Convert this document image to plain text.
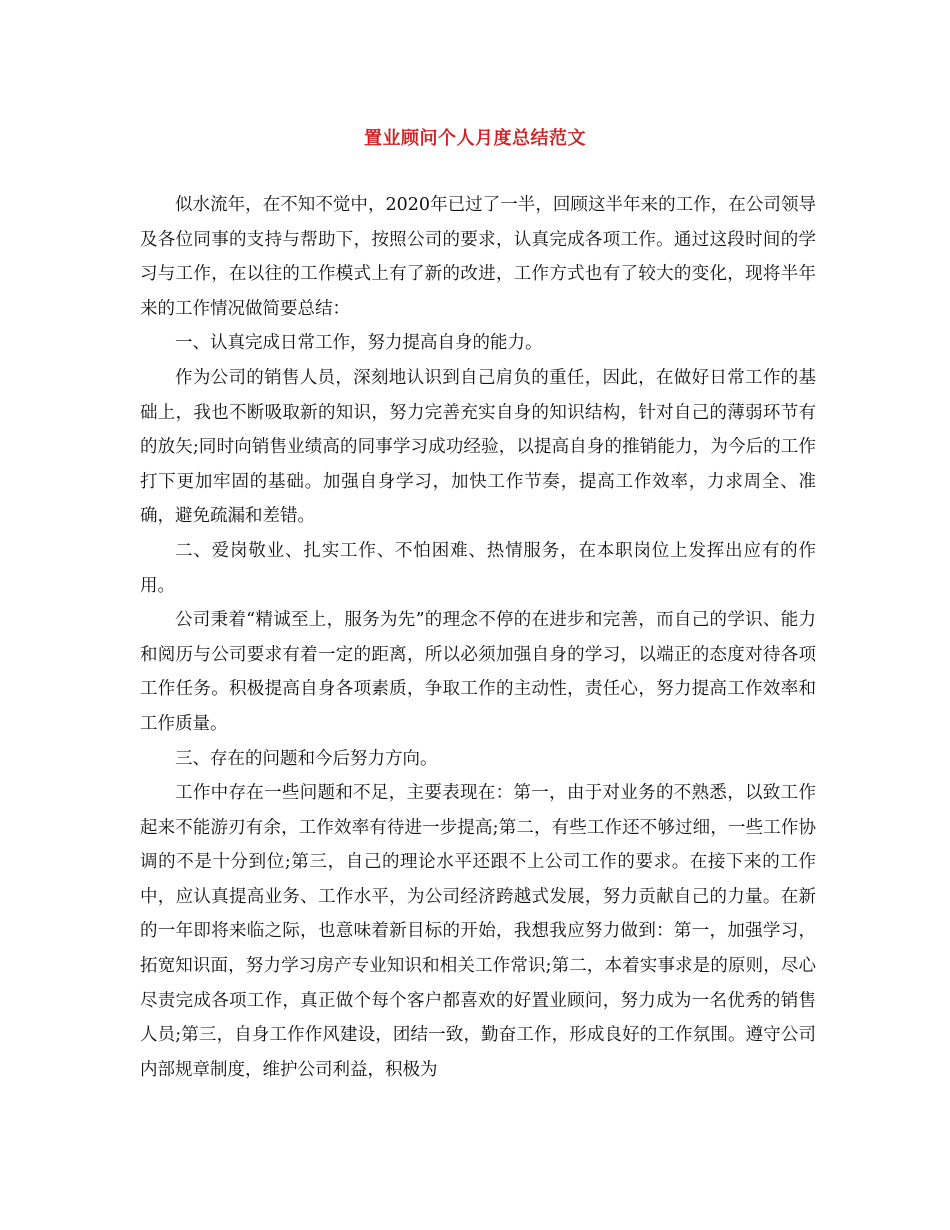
置业顾问个人月度总结范文

似水流年，在不知不觉中，2020年已过了一半，回顾这半年来的工作，在公司领导及各位同事的支持与帮助下，按照公司的要求，认真完成各项工作。通过这段时间的学习与工作，在以往的工作模式上有了新的改进，工作方式也有了较大的变化，现将半年来的工作情况做简要总结：

一、认真完成日常工作，努力提高自身的能力。

作为公司的销售人员，深刻地认识到自己肩负的重任，因此，在做好日常工作的基础上，我也不断吸取新的知识，努力完善充实自身的知识结构，针对自己的薄弱环节有的放矢;同时向销售业绩高的同事学习成功经验，以提高自身的推销能力，为今后的工作打下更加牢固的基础。加强自身学习，加快工作节奏，提高工作效率，力求周全、准确，避免疏漏和差错。

二、爱岗敬业、扎实工作、不怕困难、热情服务，在本职岗位上发挥出应有的作用。

公司秉着“精诚至上，服务为先”的理念不停的在进步和完善，而自己的学识、能力和阅历与公司要求有着一定的距离，所以必须加强自身的学习，以端正的态度对待各项工作任务。积极提高自身各项素质，争取工作的主动性，责任心，努力提高工作效率和工作质量。

三、存在的问题和今后努力方向。

工作中存在一些问题和不足，主要表现在：第一，由于对业务的不熟悉，以致工作起来不能游刃有余，工作效率有待进一步提高;第二，有些工作还不够过细，一些工作协调的不是十分到位;第三，自己的理论水平还跟不上公司工作的要求。在接下来的工作中，应认真提高业务、工作水平，为公司经济跨越式发展，努力贡献自己的力量。在新的一年即将来临之际，也意味着新目标的开始，我想我应努力做到：第一，加强学习，拓宽知识面，努力学习房产专业知识和相关工作常识;第二，本着实事求是的原则，尽心尽责完成各项工作，真正做个每个客户都喜欢的好置业顾问，努力成为一名优秀的销售人员;第三，自身工作作风建设，团结一致，勤奋工作，形成良好的工作氛围。遵守公司内部规章制度，维护公司利益，积极为
